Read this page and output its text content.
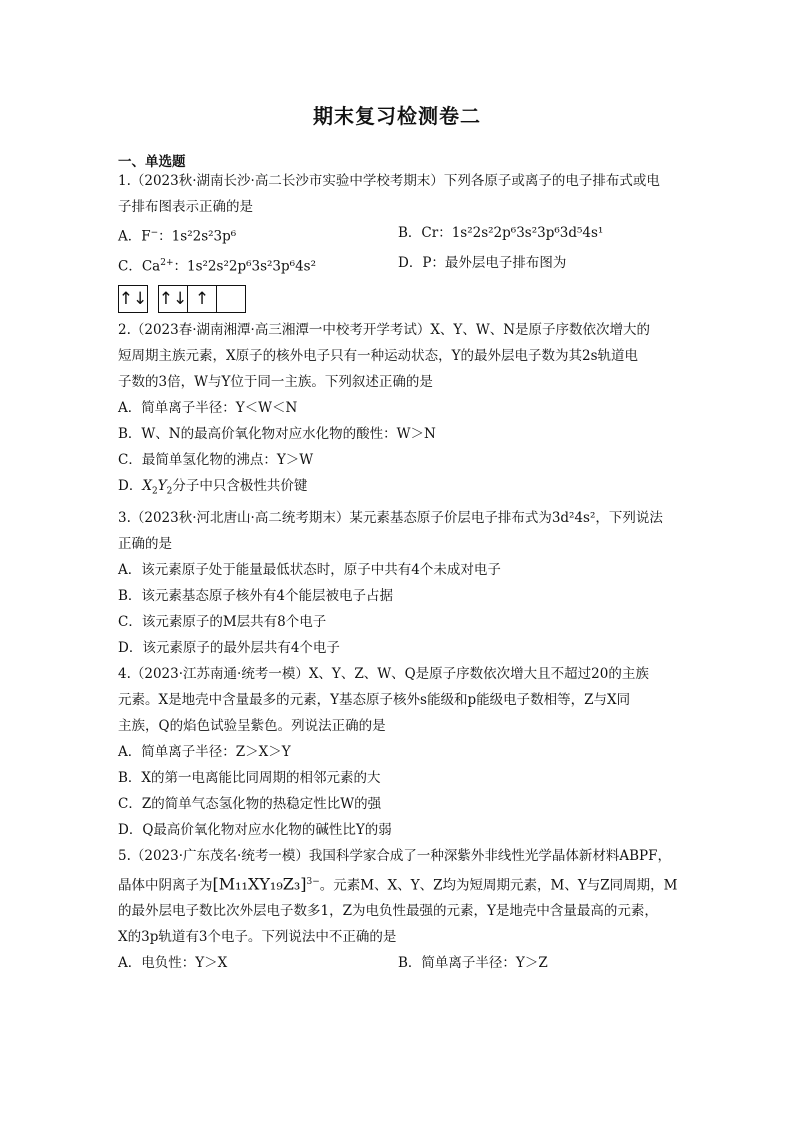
期末复习检测卷二
一、单选题

1.（2023秋·湖南长沙·高二长沙市实验中学校考期末）下列各原子或离子的电子排布式或电

子排布图表示正确的是

A．F−：1s²2s²3p⁶	B．Cr：1s²2s²2p⁶3s²3p⁶3d⁵4s¹
C．$Ca^{2+}$：1s²2s²2p⁶3s²3p⁶4s²	D．P：最外层电子排布图为
↑↓ ↑↓ ↑

2.（2023春·湖南湘潭·高三湘潭一中校考开学考试）X、Y、W、N是原子序数依次增大的

短周期主族元素，X原子的核外电子只有一种运动状态，Y的最外层电子数为其2s轨道电

子数的3倍，W与Y位于同一主族。下列叙述正确的是

A．简单离子半径：Y＜W＜N

B．W、N的最高价氧化物对应水化物的酸性：W＞N

C．最简单氢化物的沸点：Y＞W

D．$X_2Y_2$分子中只含极性共价键

3.（2023秋·河北唐山·高二统考期末）某元素基态原子价层电子排布式为3d²4s²，下列说法

正确的是

A．该元素原子处于能量最低状态时，原子中共有4个未成对电子

B．该元素基态原子核外有4个能层被电子占据

C．该元素原子的M层共有8个电子

D．该元素原子的最外层共有4个电子

4.（2023·江苏南通·统考一模）X、Y、Z、W、Q是原子序数依次增大且不超过20的主族

元素。X是地壳中含量最多的元素，Y基态原子核外s能级和p能级电子数相等，Z与X同

主族，Q的焰色试验呈紫色。列说法正确的是

A．简单离子半径：Z＞X＞Y

B．X的第一电离能比同周期的相邻元素的大

C．Z的简单气态氢化物的热稳定性比W的强

D．Q最高价氧化物对应水化物的碱性比Y的弱

5.（2023·广东茂名·统考一模）我国科学家合成了一种深紫外非线性光学晶体新材料ABPF，

晶体中阴离子为$[M_{11}XY_{19}Z_3]^{3-}$。元素M、X、Y、Z均为短周期元素，M、Y与Z同周期，M

的最外层电子数比次外层电子数多1，Z为电负性最强的元素，Y是地壳中含量最高的元素，

X的3p轨道有3个电子。下列说法中不正确的是

A．电负性：Y＞X	B．简单离子半径：Y＞Z
